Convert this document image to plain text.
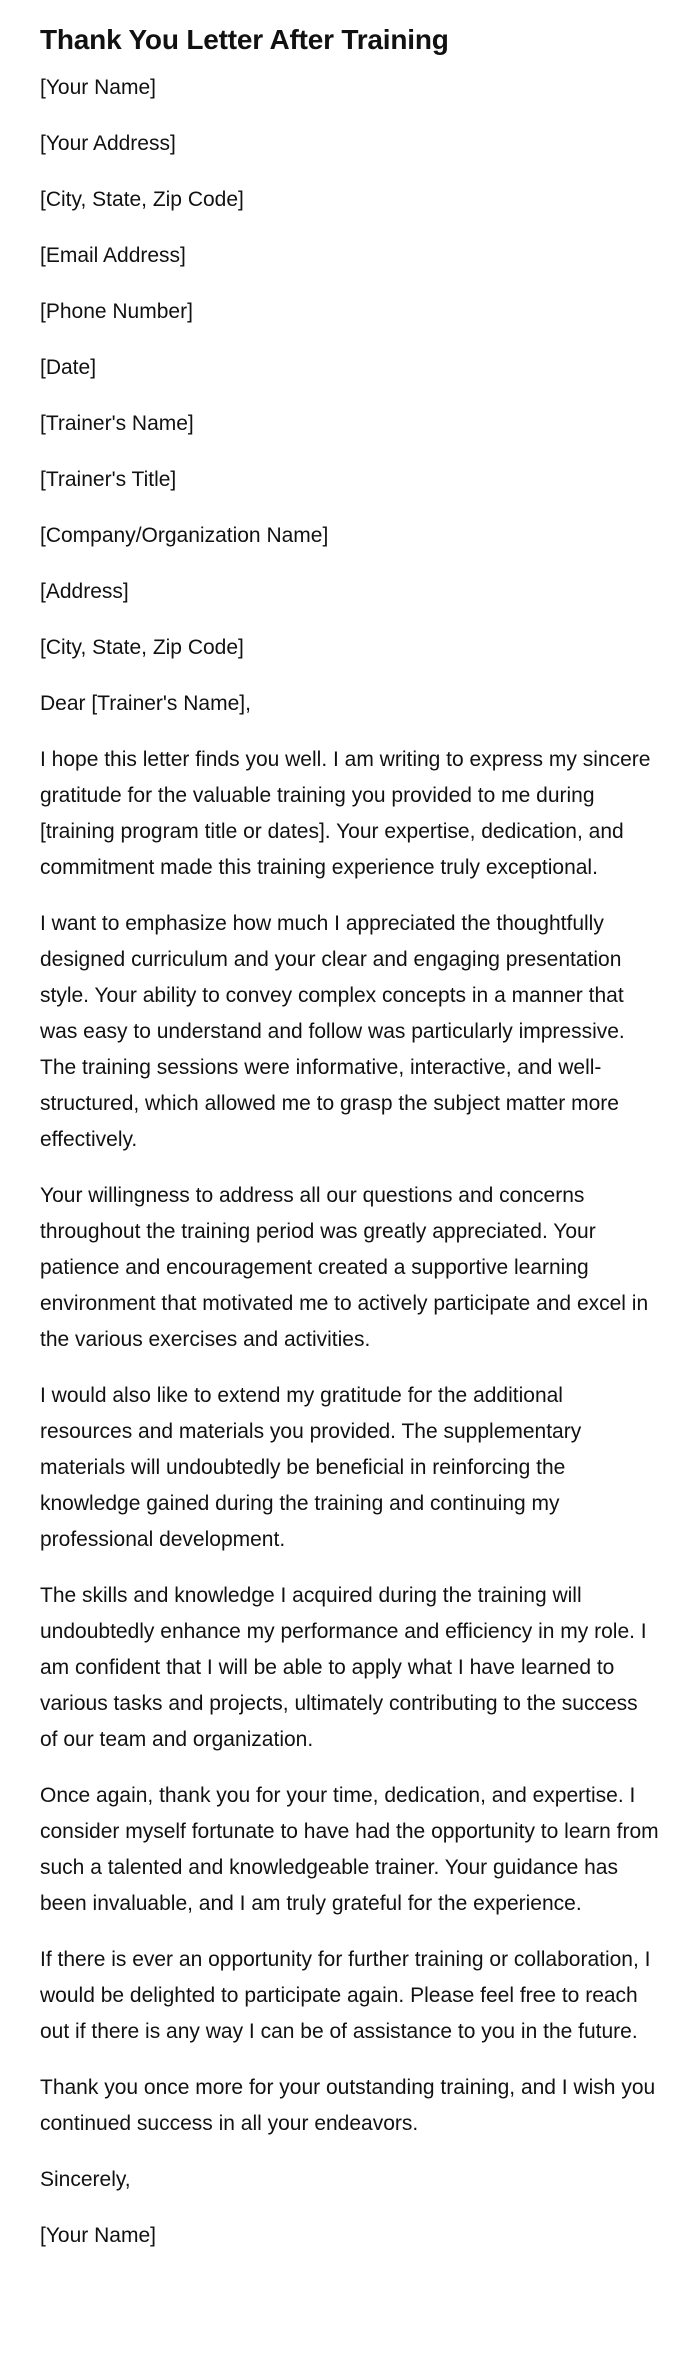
Thank You Letter After Training

[Your Name]

[Your Address]

[City, State, Zip Code]

[Email Address]

[Phone Number]

[Date]

[Trainer's Name]

[Trainer's Title]

[Company/Organization Name]

[Address]

[City, State, Zip Code]

Dear [Trainer's Name],

I hope this letter finds you well. I am writing to express my sincere gratitude for the valuable training you provided to me during [training program title or dates]. Your expertise, dedication, and commitment made this training experience truly exceptional.

I want to emphasize how much I appreciated the thoughtfully designed curriculum and your clear and engaging presentation style. Your ability to convey complex concepts in a manner that was easy to understand and follow was particularly impressive. The training sessions were informative, interactive, and well-structured, which allowed me to grasp the subject matter more effectively.

Your willingness to address all our questions and concerns throughout the training period was greatly appreciated. Your patience and encouragement created a supportive learning environment that motivated me to actively participate and excel in the various exercises and activities.

I would also like to extend my gratitude for the additional resources and materials you provided. The supplementary materials will undoubtedly be beneficial in reinforcing the knowledge gained during the training and continuing my professional development.

The skills and knowledge I acquired during the training will undoubtedly enhance my performance and efficiency in my role. I am confident that I will be able to apply what I have learned to various tasks and projects, ultimately contributing to the success of our team and organization.

Once again, thank you for your time, dedication, and expertise. I consider myself fortunate to have had the opportunity to learn from such a talented and knowledgeable trainer. Your guidance has been invaluable, and I am truly grateful for the experience.

If there is ever an opportunity for further training or collaboration, I would be delighted to participate again. Please feel free to reach out if there is any way I can be of assistance to you in the future.

Thank you once more for your outstanding training, and I wish you continued success in all your endeavors.

Sincerely,

[Your Name]
